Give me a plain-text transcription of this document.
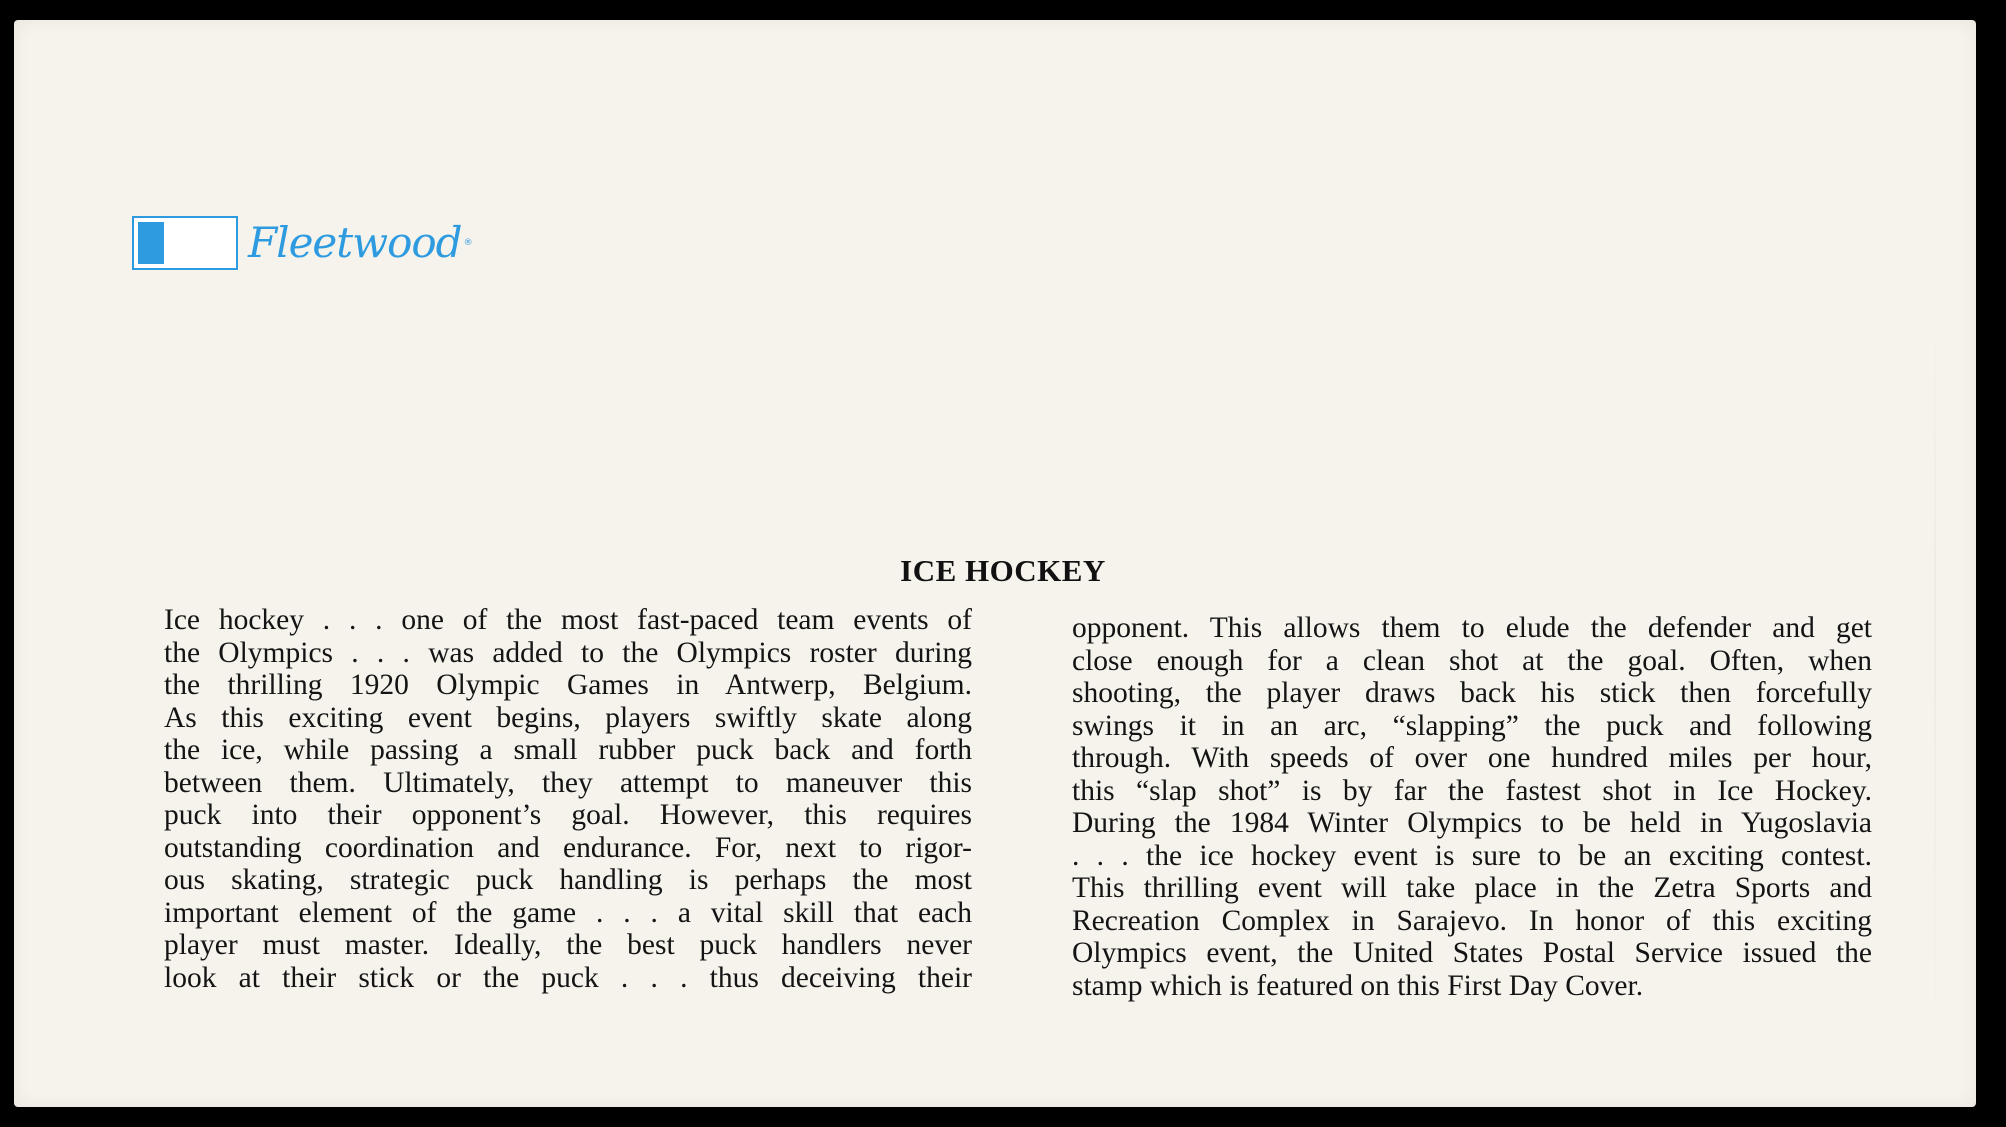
Fleetwood ®
ICE HOCKEY
Ice hockey . . . one of the most fast-paced team events of
the Olympics . . . was added to the Olympics roster during
the thrilling 1920 Olympic Games in Antwerp, Belgium.
As this exciting event begins, players swiftly skate along
the ice, while passing a small rubber puck back and forth
between them. Ultimately, they attempt to maneuver this
puck into their opponent’s goal. However, this requires
outstanding coordination and endurance. For, next to rigor-
ous skating, strategic puck handling is perhaps the most
important element of the game . . . a vital skill that each
player must master. Ideally, the best puck handlers never
look at their stick or the puck . . . thus deceiving their
opponent. This allows them to elude the defender and get
close enough for a clean shot at the goal. Often, when
shooting, the player draws back his stick then forcefully
swings it in an arc, “slapping” the puck and following
through. With speeds of over one hundred miles per hour,
this “slap shot” is by far the fastest shot in Ice Hockey.
During the 1984 Winter Olympics to be held in Yugoslavia
. . . the ice hockey event is sure to be an exciting contest.
This thrilling event will take place in the Zetra Sports and
Recreation Complex in Sarajevo. In honor of this exciting
Olympics event, the United States Postal Service issued the
stamp which is featured on this First Day Cover.
